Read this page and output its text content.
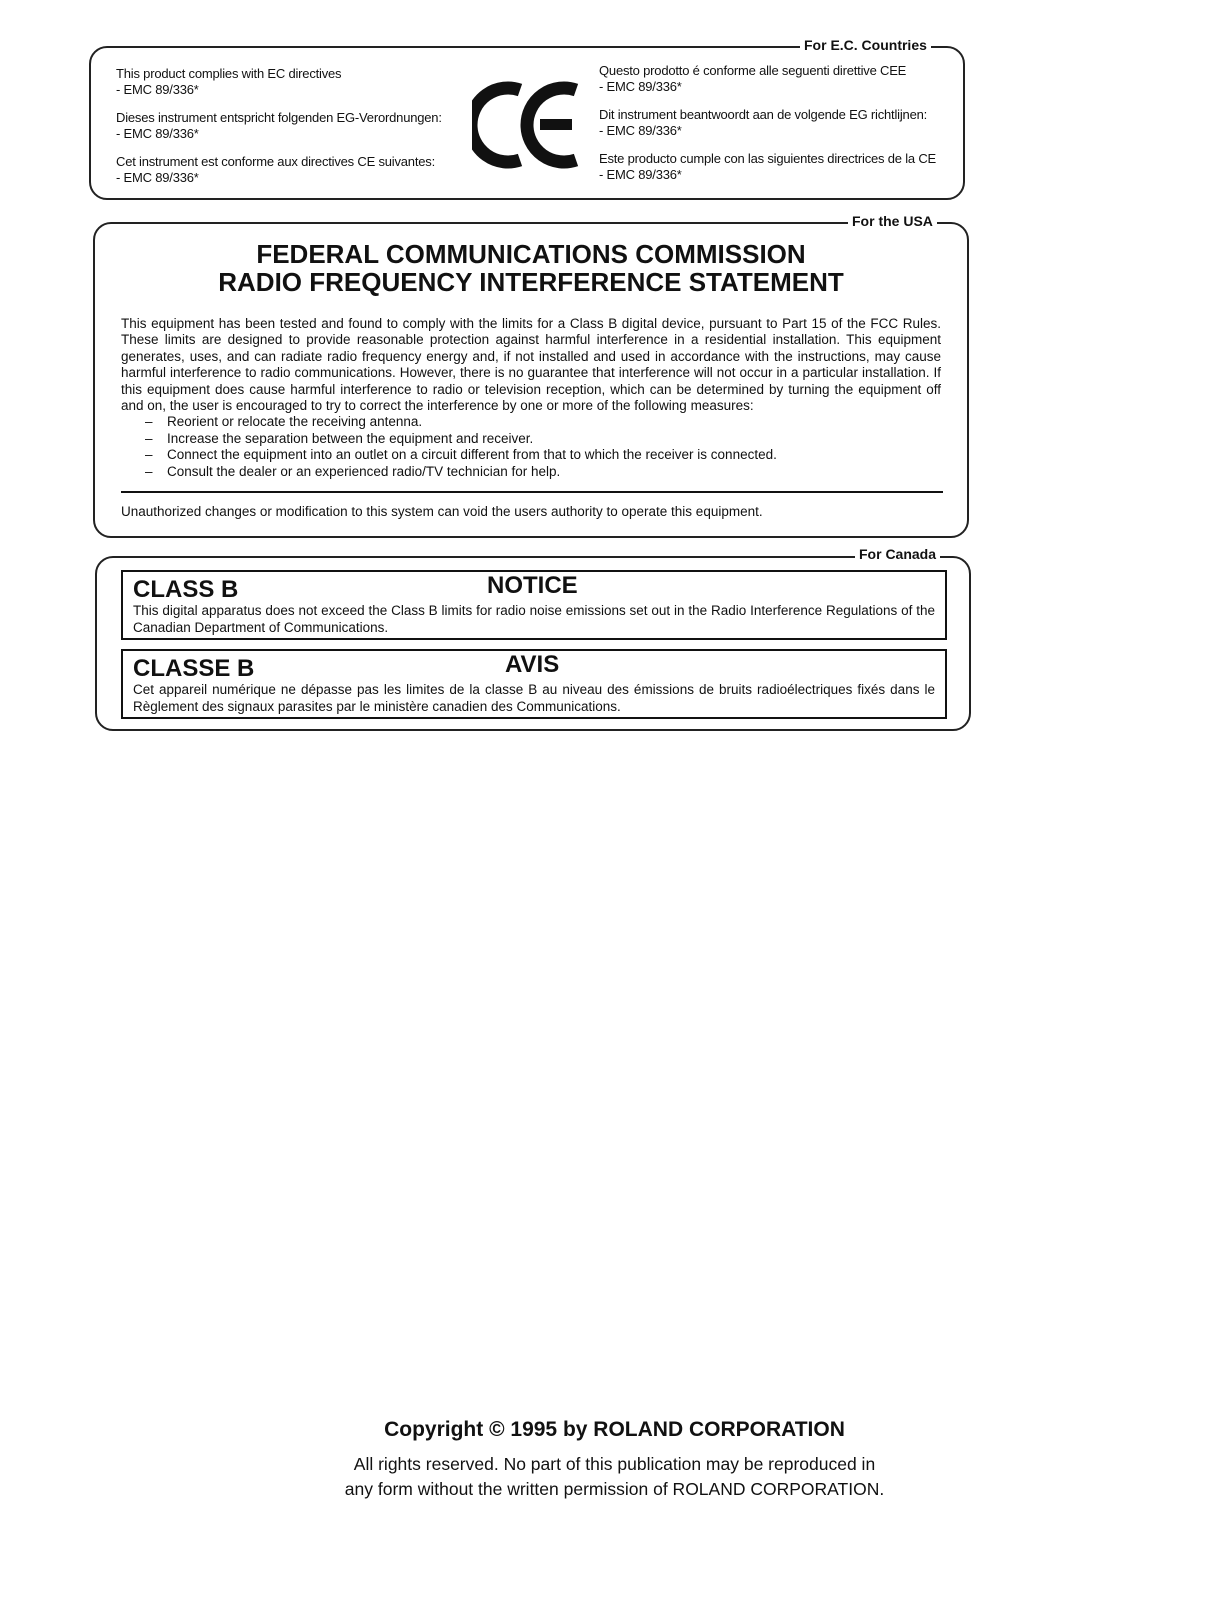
For E.C. Countries

This product complies with EC directives
- EMC 89/336*

Dieses instrument entspricht folgenden EG-Verordnungen:
- EMC 89/336*

Cet instrument est conforme aux directives CE suivantes:
- EMC 89/336*

Questo prodotto é conforme alle seguenti direttive CEE
- EMC 89/336*

Dit instrument beantwoordt aan de volgende EG richtlijnen:
- EMC 89/336*

Este producto cumple con las siguientes directrices de la CE
- EMC 89/336*

FEDERAL COMMUNICATIONS COMMISSION
RADIO FREQUENCY INTERFERENCE STATEMENT
This equipment has been tested and found to comply with the limits for a Class B digital device, pursuant to Part 15 of the FCC Rules. These limits are designed to provide reasonable protection against harmful interference in a residential installation. This equipment generates, uses, and can radiate radio frequency energy and, if not installed and used in accordance with the instructions, may cause harmful interference to radio communications. However, there is no guarantee that interference will not occur in a particular installation. If this equipment does cause harmful interference to radio or television reception, which can be determined by turning the equipment off and on, the user is encouraged to try to correct the interference by one or more of the following measures:
– Reorient or relocate the receiving antenna.
– Increase the separation between the equipment and receiver.
– Connect the equipment into an outlet on a circuit different from that to which the receiver is connected.
– Consult the dealer or an experienced radio/TV technician for help.
Unauthorized changes or modification to this system can void the users authority to operate this equipment.
For the USA
CLASS B	NOTICE
This digital apparatus does not exceed the Class B limits for radio noise emissions set out in the Radio Interference Regulations of the Canadian Department of Communications.
CLASSE B	AVIS
Cet appareil numérique ne dépasse pas les limites de la classe B au niveau des émissions de bruits radioélectriques fixés dans le Règlement des signaux parasites par le ministère canadien des Communications.
For Canada
Copyright © 1995 by ROLAND CORPORATION
All rights reserved. No part of this publication may be reproduced in
any form without the written permission of ROLAND CORPORATION.
